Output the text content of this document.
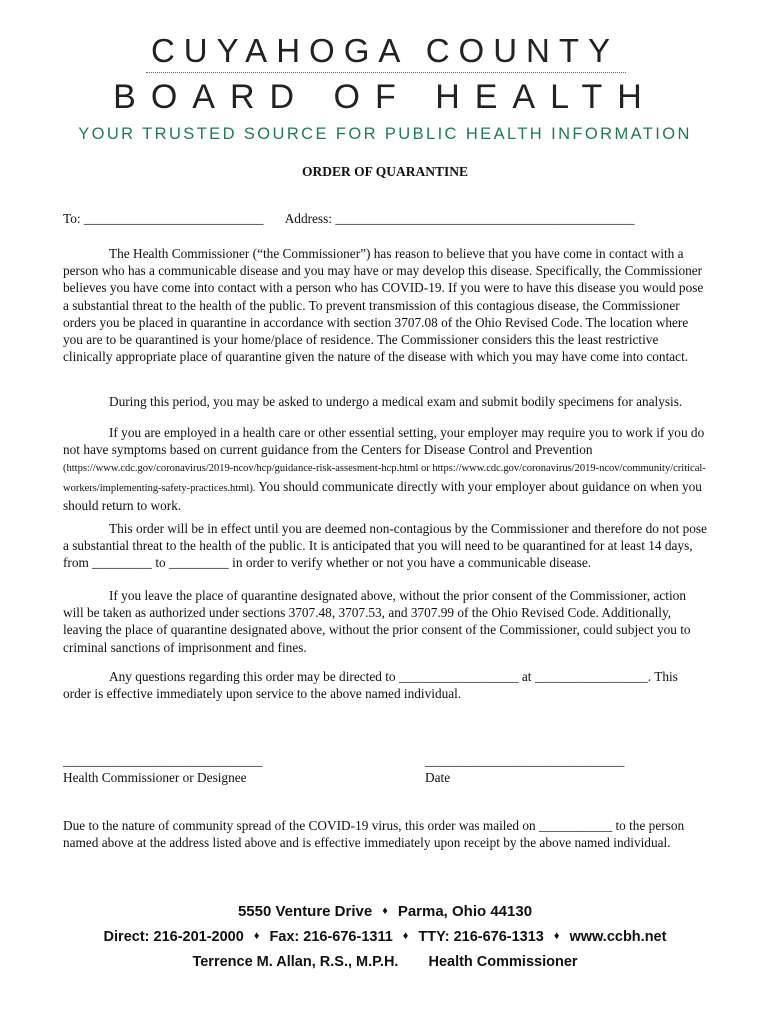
CUYAHOGA COUNTY
BOARD OF HEALTH
YOUR TRUSTED SOURCE FOR PUBLIC HEALTH INFORMATION
ORDER OF QUARANTINE
To: ___________________________ Address: _____________________________________________

The Health Commissioner (“the Commissioner”) has reason to believe that you have come in contact with a person who has a communicable disease and you may have or may develop this disease. Specifically, the Commissioner believes you have come into contact with a person who has COVID-19. If you were to have this disease you would pose a substantial threat to the health of the public. To prevent transmission of this contagious disease, the Commissioner orders you be placed in quarantine in accordance with section 3707.08 of the Ohio Revised Code. The location where you are to be quarantined is your home/place of residence. The Commissioner considers this the least restrictive clinically appropriate place of quarantine given the nature of the disease with which you may have come into contact.

During this period, you may be asked to undergo a medical exam and submit bodily specimens for analysis.

If you are employed in a health care or other essential setting, your employer may require you to work if you do not have symptoms based on current guidance from the Centers for Disease Control and Prevention (https://www.cdc.gov/coronavirus/2019-ncov/hcp/guidance-risk-assesment-hcp.html or https://www.cdc.gov/coronavirus/2019-ncov/community/critical-workers/implementing-safety-practices.html). You should communicate directly with your employer about guidance on when you should return to work.

This order will be in effect until you are deemed non-contagious by the Commissioner and therefore do not pose a substantial threat to the health of the public. It is anticipated that you will need to be quarantined for at least 14 days, from _________ to _________ in order to verify whether or not you have a communicable disease.

If you leave the place of quarantine designated above, without the prior consent of the Commissioner, action will be taken as authorized under sections 3707.48, 3707.53, and 3707.99 of the Ohio Revised Code. Additionally, leaving the place of quarantine designated above, without the prior consent of the Commissioner, could subject you to criminal sanctions of imprisonment and fines.

Any questions regarding this order may be directed to __________________ at _________________. This order is effective immediately upon service to the above named individual.

______________________________
Health Commissioner or Designee
______________________________
Date

Due to the nature of community spread of the COVID-19 virus, this order was mailed on ___________ to the person named above at the address listed above and is effective immediately upon receipt by the above named individual.

5550 Venture Drive ♦ Parma, Ohio 44130
Direct: 216-201-2000 ♦ Fax: 216-676-1311 ♦ TTY: 216-676-1313 ♦ www.ccbh.net
Terrence M. Allan, R.S., M.P.H. Health Commissioner
